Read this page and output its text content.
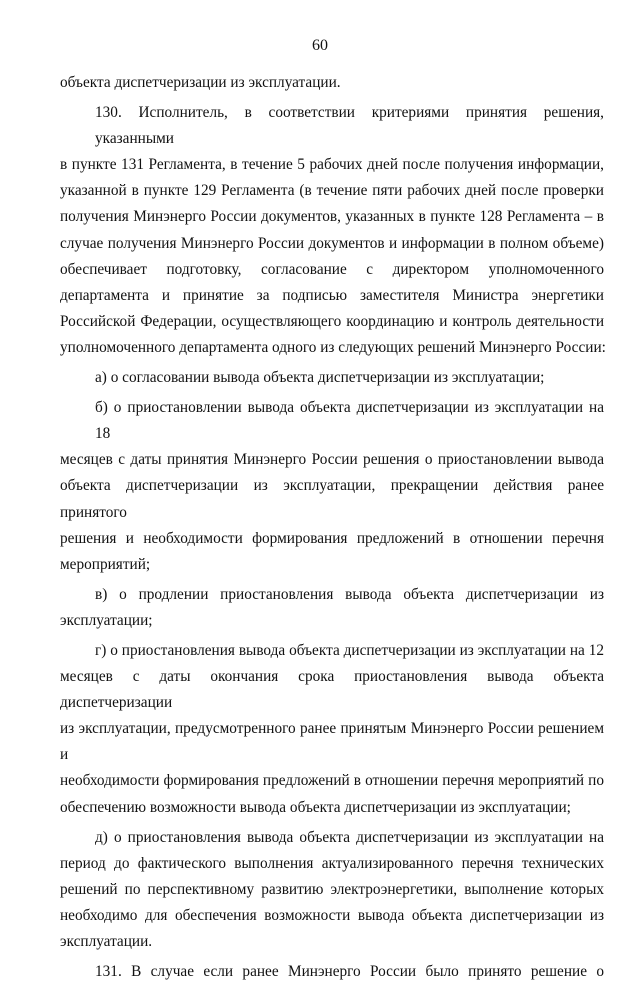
60
объекта диспетчеризации из эксплуатации.
130. Исполнитель, в соответствии критериями принятия решения, указанными
в пункте 131 Регламента, в течение 5 рабочих дней после получения информации,
указанной в пункте 129 Регламента (в течение пяти рабочих дней после проверки
получения Минэнерго России документов, указанных в пункте 128 Регламента – в
случае получения Минэнерго России документов и информации в полном объеме)
обеспечивает подготовку, согласование с директором уполномоченного
департамента и принятие за подписью заместителя Министра энергетики
Российской Федерации, осуществляющего координацию и контроль деятельности
уполномоченного департамента одного из следующих решений Минэнерго России:
а) о согласовании вывода объекта диспетчеризации из эксплуатации;
б) о приостановлении вывода объекта диспетчеризации из эксплуатации на 18
месяцев с даты принятия Минэнерго России решения о приостановлении вывода
объекта диспетчеризации из эксплуатации, прекращении действия ранее принятого
решения и необходимости формирования предложений в отношении перечня
мероприятий;
в) о продлении приостановления вывода объекта диспетчеризации из
эксплуатации;
г) о приостановления вывода объекта диспетчеризации из эксплуатации на 12
месяцев с даты окончания срока приостановления вывода объекта диспетчеризации
из эксплуатации, предусмотренного ранее принятым Минэнерго России решением и
необходимости формирования предложений в отношении перечня мероприятий по
обеспечению возможности вывода объекта диспетчеризации из эксплуатации;
д) о приостановления вывода объекта диспетчеризации из эксплуатации на
период до фактического выполнения актуализированного перечня технических
решений по перспективному развитию электроэнергетики, выполнение которых
необходимо для обеспечения возможности вывода объекта диспетчеризации из
эксплуатации.
131. В случае если ранее Минэнерго России было принято решение о
